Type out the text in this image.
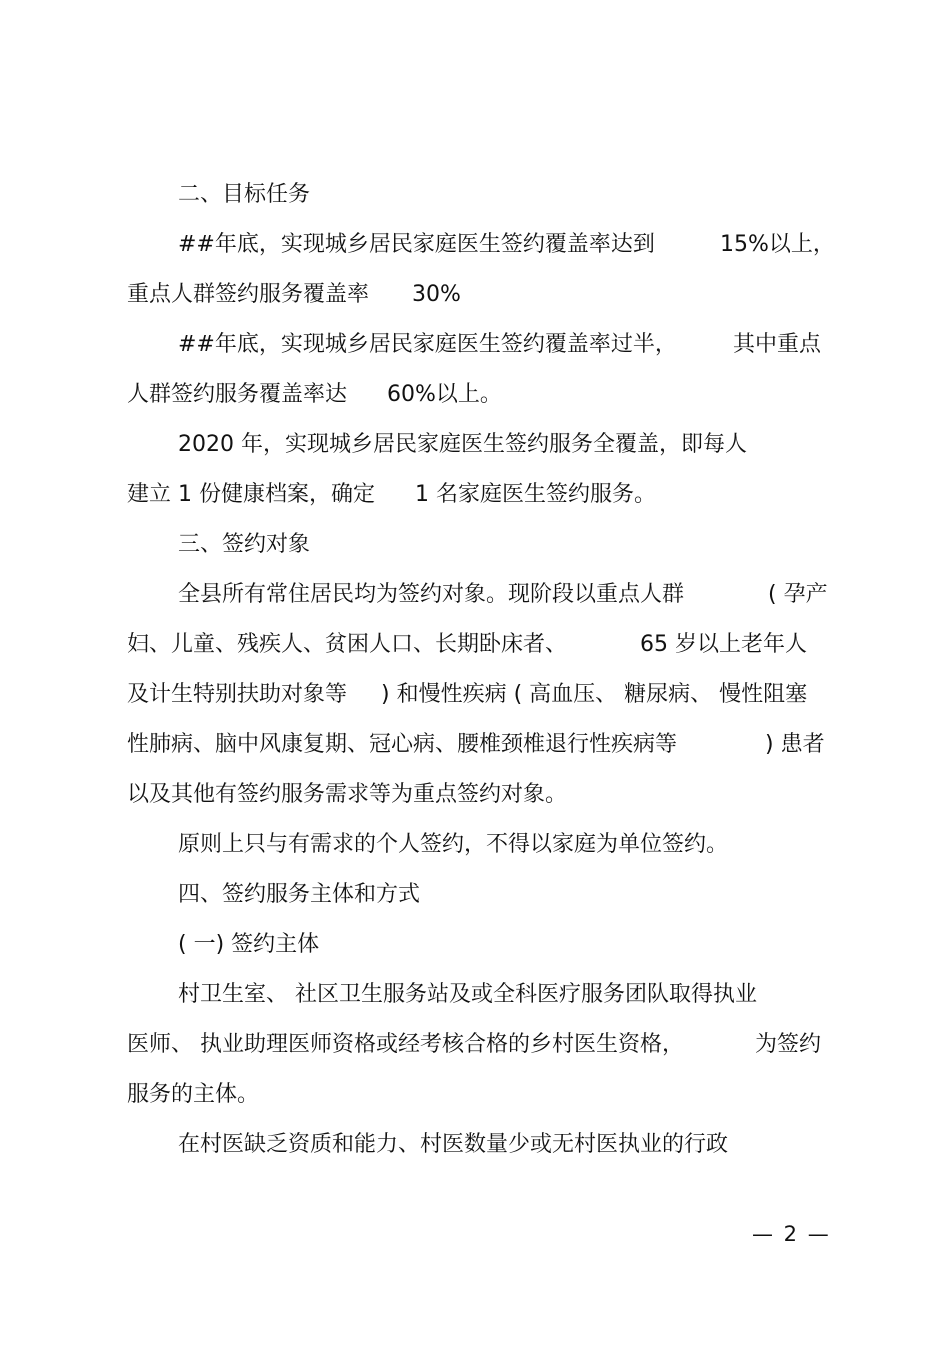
二、目标任务

##年底，实现城乡居民家庭医生签约覆盖率达到

	15%以上，

重点人群签约服务覆盖率

30%

##年底，实现城乡居民家庭医生签约覆盖率过半，

	其中重点

人群签约服务覆盖率达

60%以上。

2020 年，实现城乡居民家庭医生签约服务全覆盖，即每人

建立 1 份健康档案，确定

1 名家庭医生签约服务。

三、签约对象

全县所有常住居民均为签约对象。现阶段以重点人群

	( 孕产

妇、儿童、残疾人、贫困人口、长期卧床者、

	65 岁以上老年人

及计生特别扶助对象等

) 和慢性疾病 ( 高血压、 糖尿病、 慢性阻塞

性肺病、脑中风康复期、冠心病、腰椎颈椎退行性疾病等

	) 患者

以及其他有签约服务需求等为重点签约对象。

原则上只与有需求的个人签约，不得以家庭为单位签约。

四、签约服务主体和方式

( 一) 签约主体

村卫生室、 社区卫生服务站及或全科医疗服务团队取得执业

医师、 执业助理医师资格或经考核合格的乡村医生资格，

	为签约

服务的主体。

在村医缺乏资质和能力、村医数量少或无村医执业的行政

— 2 —
